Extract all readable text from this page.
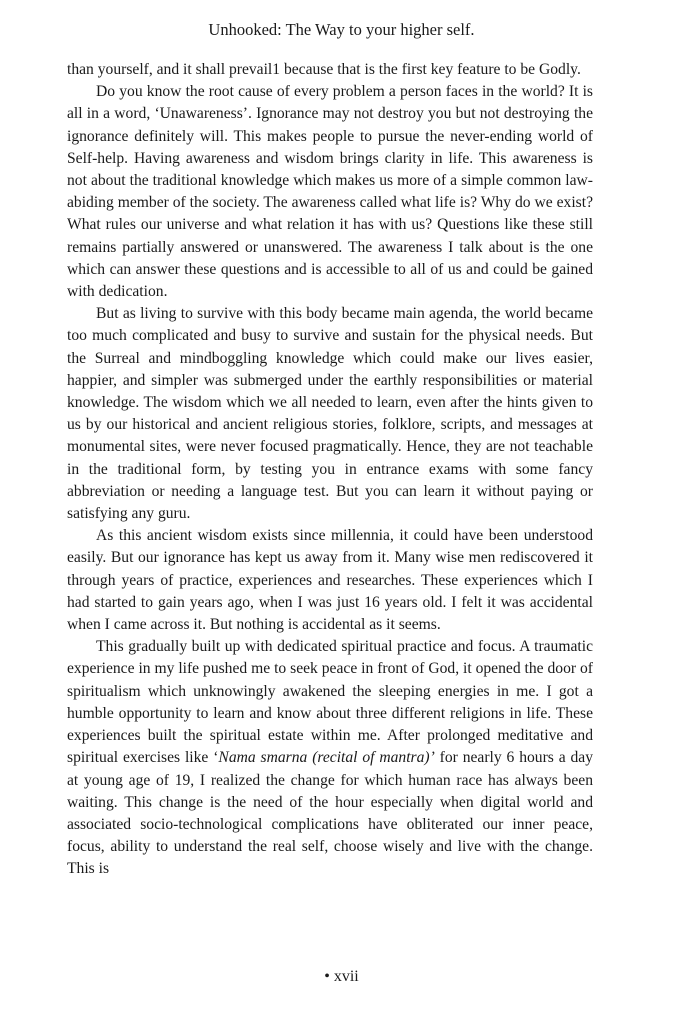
Unhooked: The Way to your higher self.

than yourself, and it shall prevail1 because that is the first key feature to be Godly.

Do you know the root cause of every problem a person faces in the world? It is all in a word, ‘Unawareness’. Ignorance may not destroy you but not destroying the ignorance definitely will. This makes people to pursue the never-ending world of Self-help. Having awareness and wisdom brings clarity in life. This awareness is not about the traditional knowledge which makes us more of a simple common law-abiding member of the society. The awareness called what life is? Why do we exist? What rules our universe and what relation it has with us? Questions like these still remains partially answered or unanswered. The awareness I talk about is the one which can answer these questions and is accessible to all of us and could be gained with dedication.

But as living to survive with this body became main agenda, the world became too much complicated and busy to survive and sustain for the physical needs. But the Surreal and mindboggling knowledge which could make our lives easier, happier, and simpler was submerged under the earthly responsibilities or material knowledge. The wisdom which we all needed to learn, even after the hints given to us by our historical and ancient religious stories, folklore, scripts, and messages at monumental sites, were never focused pragmatically. Hence, they are not teachable in the traditional form, by testing you in entrance exams with some fancy abbreviation or needing a language test. But you can learn it without paying or satisfying any guru.

As this ancient wisdom exists since millennia, it could have been understood easily. But our ignorance has kept us away from it. Many wise men rediscovered it through years of practice, experiences and researches. These experiences which I had started to gain years ago, when I was just 16 years old. I felt it was accidental when I came across it. But nothing is accidental as it seems.

This gradually built up with dedicated spiritual practice and focus. A traumatic experience in my life pushed me to seek peace in front of God, it opened the door of spiritualism which unknowingly awakened the sleeping energies in me. I got a humble opportunity to learn and know about three different religions in life. These experiences built the spiritual estate within me. After prolonged meditative and spiritual exercises like ‘Nama smarna (recital of mantra)’ for nearly 6 hours a day at young age of 19, I realized the change for which human race has always been waiting. This change is the need of the hour especially when digital world and associated socio-technological complications have obliterated our inner peace, focus, ability to understand the real self, choose wisely and live with the change. This is

• xvii
